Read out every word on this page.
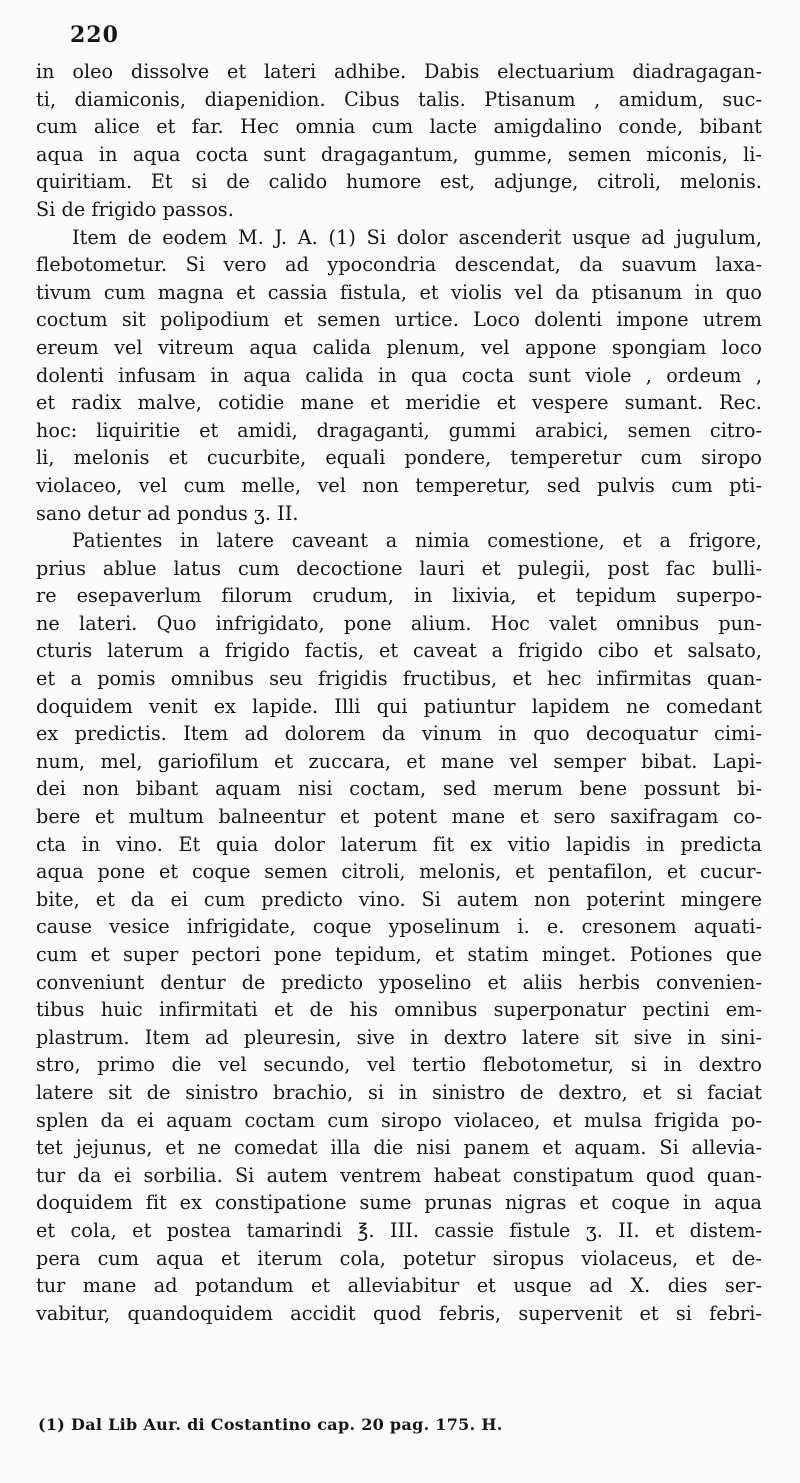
220
in oleo dissolve et lateri adhibe. Dabis electuarium diadragagan-
ti, diamiconis, diapenidion. Cibus talis. Ptisanum , amidum, suc-
cum alice et far. Hec omnia cum lacte amigdalino conde, bibant
aqua in aqua cocta sunt dragagantum, gumme, semen miconis, li-
quiritiam. Et si de calido humore est, adjunge, citroli, melonis.
Si de frigido passos.
Item de eodem M. J. A. (1) Si dolor ascenderit usque ad jugulum,
flebotometur. Si vero ad ypocondria descendat, da suavum laxa-
tivum cum magna et cassia fistula, et violis vel da ptisanum in quo
coctum sit polipodium et semen urtice. Loco dolenti impone utrem
ereum vel vitreum aqua calida plenum, vel appone spongiam loco
dolenti infusam in aqua calida in qua cocta sunt viole , ordeum ,
et radix malve, cotidie mane et meridie et vespere sumant. Rec.
hoc: liquiritie et amidi, dragaganti, gummi arabici, semen citro-
li, melonis et cucurbite, equali pondere, temperetur cum siropo
violaceo, vel cum melle, vel non temperetur, sed pulvis cum pti-
sano detur ad pondus ʒ. II.
Patientes in latere caveant a nimia comestione, et a frigore,
prius ablue latus cum decoctione lauri et pulegii, post fac bulli-
re esepaverlum filorum crudum, in lixivia, et tepidum superpo-
ne lateri. Quo infrigidato, pone alium. Hoc valet omnibus pun-
cturis laterum a frigido factis, et caveat a frigido cibo et salsato,
et a pomis omnibus seu frigidis fructibus, et hec infirmitas quan-
doquidem venit ex lapide. Illi qui patiuntur lapidem ne comedant
ex predictis. Item ad dolorem da vinum in quo decoquatur cimi-
num, mel, gariofilum et zuccara, et mane vel semper bibat. Lapi-
dei non bibant aquam nisi coctam, sed merum bene possunt bi-
bere et multum balneentur et potent mane et sero saxifragam co-
cta in vino. Et quia dolor laterum fit ex vitio lapidis in predicta
aqua pone et coque semen citroli, melonis, et pentafilon, et cucur-
bite, et da ei cum predicto vino. Si autem non poterint mingere
cause vesice infrigidate, coque yposelinum i. e. cresonem aquati-
cum et super pectori pone tepidum, et statim minget. Potiones que
conveniunt dentur de predicto yposelino et aliis herbis convenien-
tibus huic infirmitati et de his omnibus superponatur pectini em-
plastrum. Item ad pleuresin, sive in dextro latere sit sive in sini-
stro, primo die vel secundo, vel tertio flebotometur, si in dextro
latere sit de sinistro brachio, si in sinistro de dextro, et si faciat
splen da ei aquam coctam cum siropo violaceo, et mulsa frigida po-
tet jejunus, et ne comedat illa die nisi panem et aquam. Si allevia-
tur da ei sorbilia. Si autem ventrem habeat constipatum quod quan-
doquidem fit ex constipatione sume prunas nigras et coque in aqua
et cola, et postea tamarindi ℥. III. cassie fistule ʒ. II. et distem-
pera cum aqua et iterum cola, potetur siropus violaceus, et de-
tur mane ad potandum et alleviabitur et usque ad X. dies ser-
vabitur, quandoquidem accidit quod febris, supervenit et si febri-
(1) Dal Lib Aur. di Costantino cap. 20 pag. 175. H.
